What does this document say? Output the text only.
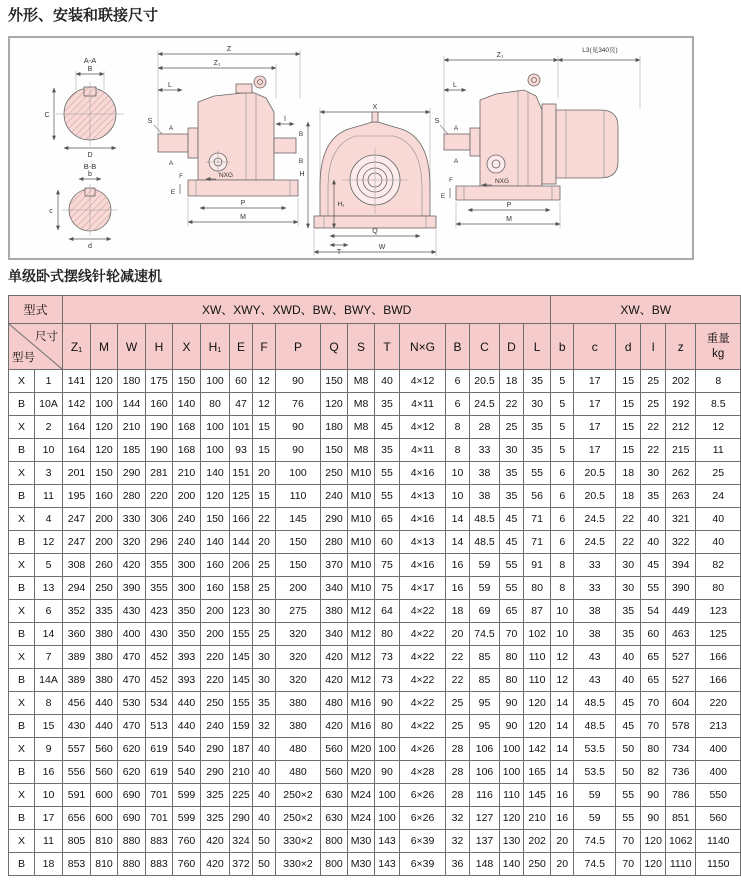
外形、安装和联接尺寸
A-A
B
C
D
B-B
b
c
d
Z
Z₁
L
S
A
A
NXG
E
F
P
M
l
B
B
X
H
H₁
Q
T
W
Z₁
L3(见340页)
L
S
A
A
NXG
E
F
P
M
单级卧式摆线针轮减速机
型式		XW、XWY、XWD、BW、BWY、BWD																	XW、BW					

尺寸
型号
	Z₁	M	W	H	X	H₁	E	F	P	Q	S	T	N×G	B	C	D	L	b	c	d	l	z	
重量
kg

X	1	141	120	180	175	150	100	60	12	90	150	M8	40	4×12	6	20.5	18	35	5	17	15	25	202	8
B	10A	142	100	144	160	140	80	47	12	76	120	M8	35	4×11	6	24.5	22	30	5	17	15	25	192	8.5
X	2	164	120	210	190	168	100	101	15	90	180	M8	45	4×12	8	28	25	35	5	17	15	22	212	12
B	10	164	120	185	190	168	100	93	15	90	150	M8	35	4×11	8	33	30	35	5	17	15	22	215	11
X	3	201	150	290	281	210	140	151	20	100	250	M10	55	4×16	10	38	35	55	6	20.5	18	30	262	25
B	11	195	160	280	220	200	120	125	15	110	240	M10	55	4×13	10	38	35	56	6	20.5	18	35	263	24
X	4	247	200	330	306	240	150	166	22	145	290	M10	65	4×16	14	48.5	45	71	6	24.5	22	40	321	40
B	12	247	200	320	296	240	140	144	20	150	280	M10	60	4×13	14	48.5	45	71	6	24.5	22	40	322	40
X	5	308	260	420	355	300	160	206	25	150	370	M10	75	4×16	16	59	55	91	8	33	30	45	394	82
B	13	294	250	390	355	300	160	158	25	200	340	M10	75	4×17	16	59	55	80	8	33	30	55	390	80
X	6	352	335	430	423	350	200	123	30	275	380	M12	64	4×22	18	69	65	87	10	38	35	54	449	123
B	14	360	380	400	430	350	200	155	25	320	340	M12	80	4×22	20	74.5	70	102	10	38	35	60	463	125
X	7	389	380	470	452	393	220	145	30	320	420	M12	73	4×22	22	85	80	110	12	43	40	65	527	166
B	14A	389	380	470	452	393	220	145	30	320	420	M12	73	4×22	22	85	80	110	12	43	40	65	527	166
X	8	456	440	530	534	440	250	155	35	380	480	M16	90	4×22	25	95	90	120	14	48.5	45	70	604	220
B	15	430	440	470	513	440	240	159	32	380	420	M16	80	4×22	25	95	90	120	14	48.5	45	70	578	213
X	9	557	560	620	619	540	290	187	40	480	560	M20	100	4×26	28	106	100	142	14	53.5	50	80	734	400
B	16	556	560	620	619	540	290	210	40	480	560	M20	90	4×28	28	106	100	165	14	53.5	50	82	736	400
X	10	591	600	690	701	599	325	225	40	250×2	630	M24	100	6×26	28	116	110	145	16	59	55	90	786	550
B	17	656	600	690	701	599	325	290	40	250×2	630	M24	100	6×26	32	127	120	210	16	59	55	90	851	560
X	11	805	810	880	883	760	420	324	50	330×2	800	M30	143	6×39	32	137	130	202	20	74.5	70	120	1062	1140
B	18	853	810	880	883	760	420	372	50	330×2	800	M30	143	6×39	36	148	140	250	20	74.5	70	120	1110	1150
